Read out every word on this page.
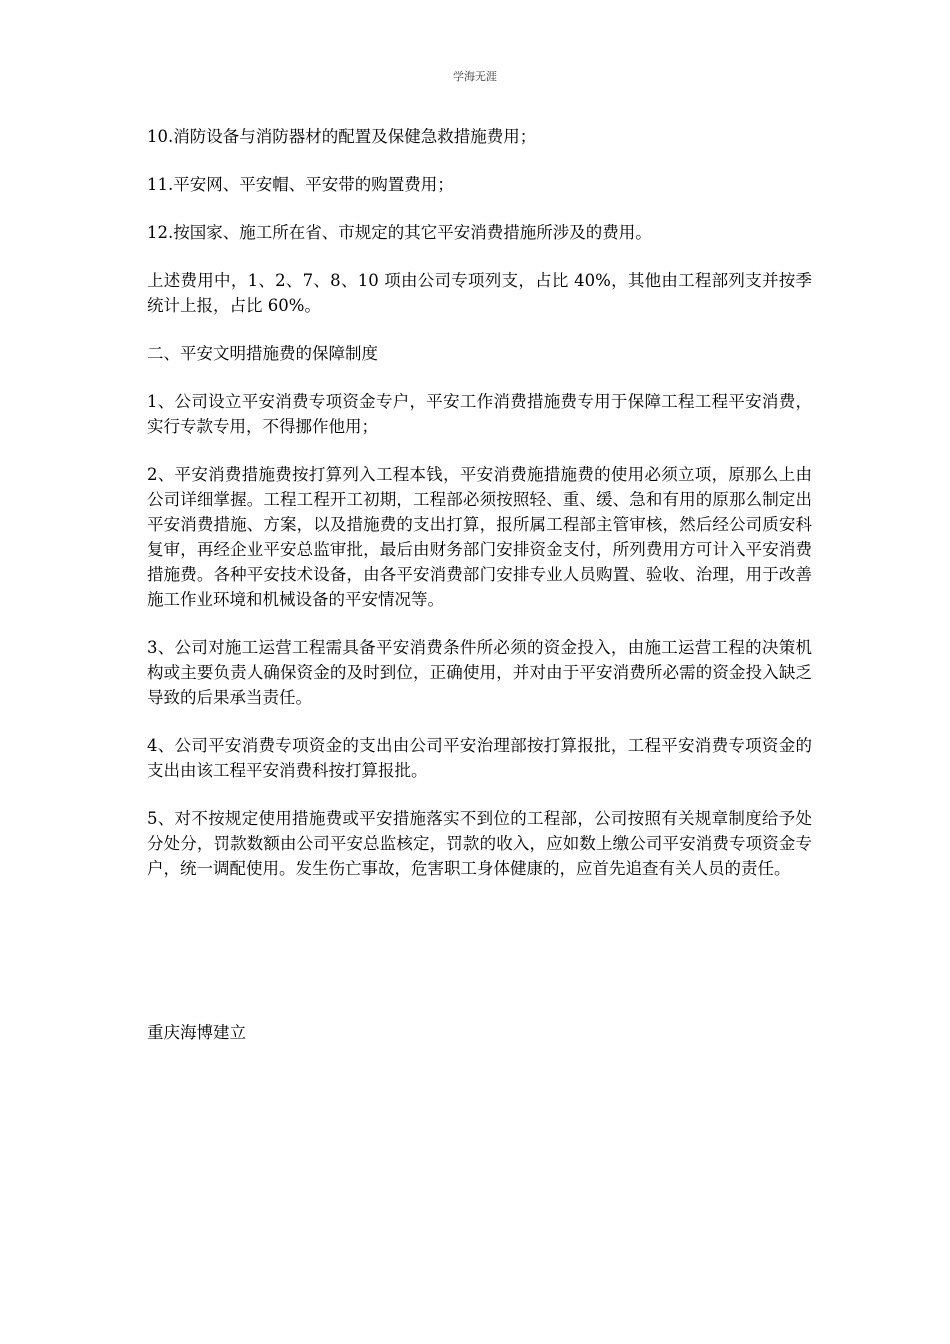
学海无涯

10.消防设备与消防器材的配置及保健急救措施费用；

11.平安网、平安帽、平安带的购置费用；

12.按国家、施工所在省、市规定的其它平安消费措施所涉及的费用。

上述费用中，1、2、7、8、10 项由公司专项列支，占比 40%，其他由工程部列支并按季统计上报，占比 60%。

二、平安文明措施费的保障制度

1、公司设立平安消费专项资金专户，平安工作消费措施费专用于保障工程工程平安消费，实行专款专用，不得挪作他用；

2、平安消费措施费按打算列入工程本钱，平安消费施措施费的使用必须立项，原那么上由公司详细掌握。工程工程开工初期，工程部必须按照轻、重、缓、急和有用的原那么制定出平安消费措施、方案，以及措施费的支出打算，报所属工程部主管审核，然后经公司质安科复审，再经企业平安总监审批，最后由财务部门安排资金支付，所列费用方可计入平安消费措施费。各种平安技术设备，由各平安消费部门安排专业人员购置、验收、治理，用于改善施工作业环境和机械设备的平安情况等。

3、公司对施工运营工程需具备平安消费条件所必须的资金投入，由施工运营工程的决策机构或主要负责人确保资金的及时到位，正确使用，并对由于平安消费所必需的资金投入缺乏导致的后果承当责任。

4、公司平安消费专项资金的支出由公司平安治理部按打算报批，工程平安消费专项资金的支出由该工程平安消费科按打算报批。

5、对不按规定使用措施费或平安措施落实不到位的工程部，公司按照有关规章制度给予处分处分，罚款数额由公司平安总监核定，罚款的收入，应如数上缴公司平安消费专项资金专户，统一调配使用。发生伤亡事故，危害职工身体健康的，应首先追查有关人员的责任。

重庆海博建立
